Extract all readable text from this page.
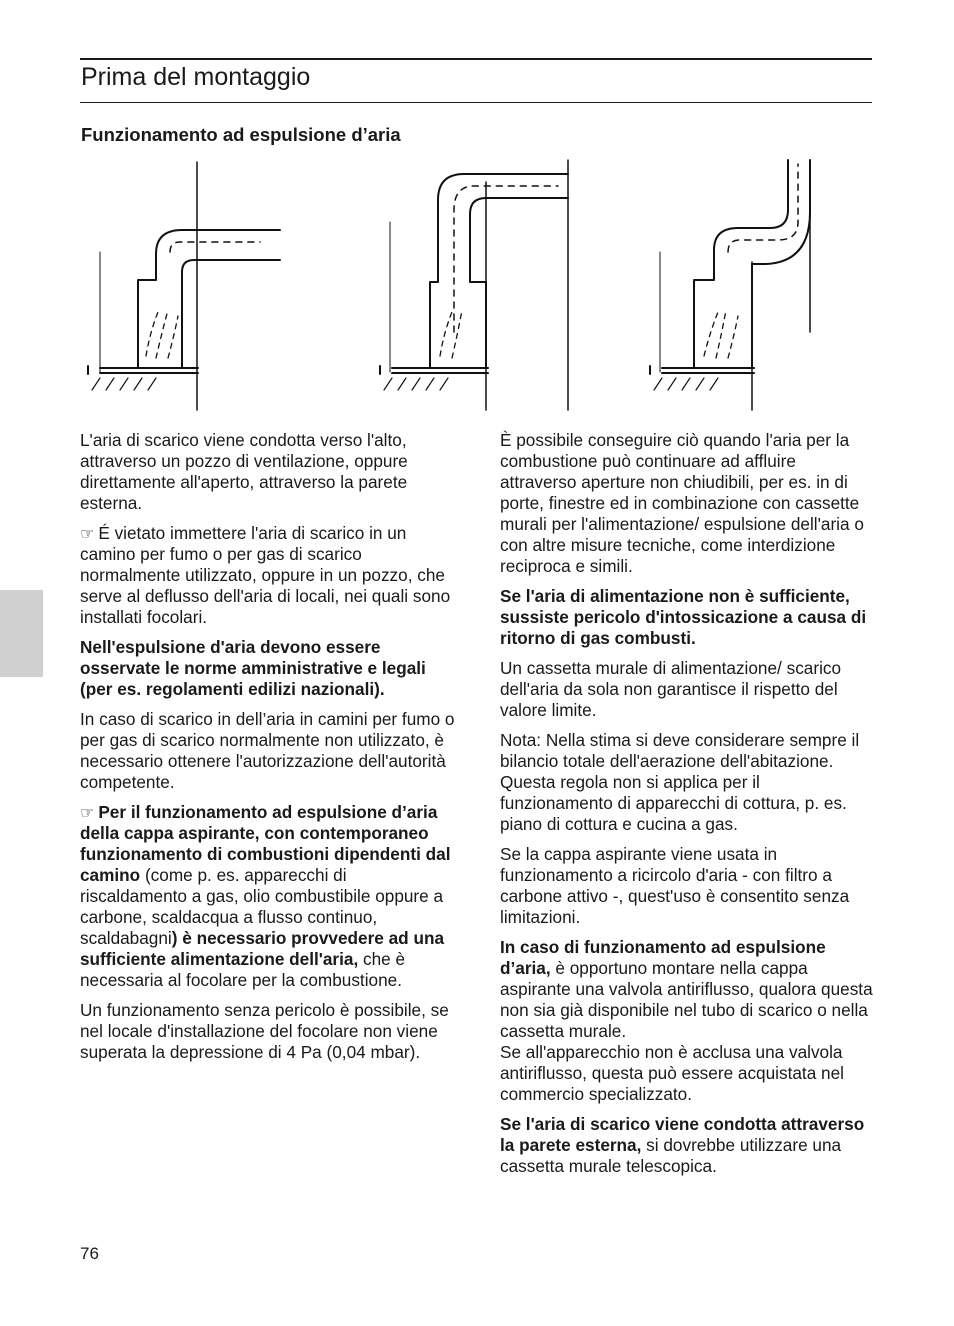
Prima del montaggio
Funzionamento ad espulsione d’aria

L'aria di scarico viene condotta verso l'alto, attraverso un pozzo di ventilazione, oppure direttamente all'aperto, attraverso la parete esterna.

☞ É vietato immettere l'aria di scarico in un camino per fumo o per gas di scarico normalmente utilizzato, oppure in un pozzo, che serve al deflusso dell'aria di locali, nei quali sono installati focolari.

Nell'espulsione d'aria devono essere osservate le norme amministrative e legali (per es. regolamenti edilizi nazionali).

In caso di scarico in dell’aria in camini per fumo o per gas di scarico normalmente non utilizzato, è necessario ottenere l'autorizzazione dell'autorità competente.

☞ Per il funzionamento ad espulsione d’aria della cappa aspirante, con contemporaneo funzionamento di combustioni dipendenti dal camino (come p. es. apparecchi di riscaldamento a gas, olio combustibile oppure a carbone, scaldacqua a flusso continuo, scaldabagni) è necessario provvedere ad una sufficiente alimentazione dell'aria, che è necessaria al focolare per la combustione.

Un funzionamento senza pericolo è possibile, se nel locale d'installazione del focolare non viene superata la depressione di 4 Pa (0,04 mbar).

È possibile conseguire ciò quando l'aria per la combustione può continuare ad affluire attraverso aperture non chiudibili, per es. in di porte, finestre ed in combinazione con cassette murali per l'alimentazione/ espulsione dell'aria o con altre misure tecniche, come interdizione reciproca e simili.

Se l'aria di alimentazione non è sufficiente, sussiste pericolo d'intossicazione a causa di ritorno di gas combusti.

Un cassetta murale di alimentazione/ scarico dell'aria da sola non garantisce il rispetto del valore limite.

Nota: Nella stima si deve considerare sempre il bilancio totale dell'aerazione dell'abitazione. Questa regola non si applica per il funzionamento di apparecchi di cottura, p. es. piano di cottura e cucina a gas.

Se la cappa aspirante viene usata in funzionamento a ricircolo d'aria - con filtro a carbone attivo -, quest'uso è consentito senza limitazioni.

In caso di funzionamento ad espulsione d’aria, è opportuno montare nella cappa aspirante una valvola antiriflusso, qualora questa non sia già disponibile nel tubo di scarico o nella cassetta murale.
Se all'apparecchio non è acclusa una valvola antiriflusso, questa può essere acquistata nel commercio specializzato.

Se l'aria di scarico viene condotta attraverso la parete esterna, si dovrebbe utilizzare una cassetta murale telescopica.

76
